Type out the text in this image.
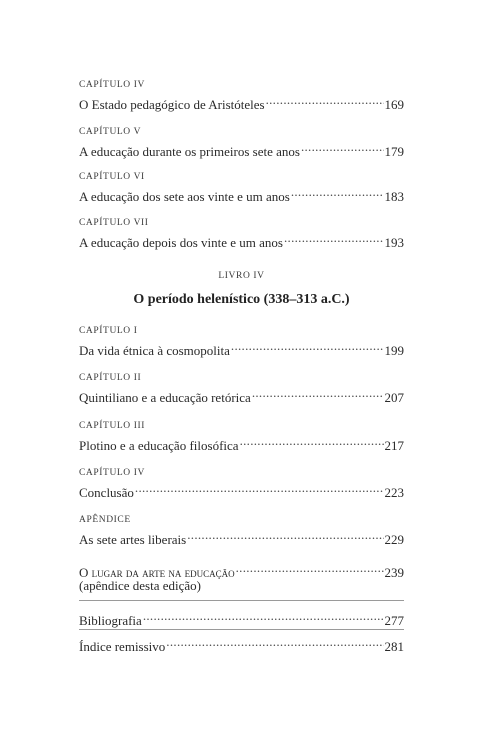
CAPÍTULO IV
O Estado pedagógico de Aristóteles .....	169
CAPÍTULO V
A educação durante os primeiros sete anos .....	179
CAPÍTULO VI
A educação dos sete aos vinte e um anos .....	183
CAPÍTULO VII
A educação depois dos vinte e um anos .....	193
LIVRO IV
O período helenístico (338–313 a.C.)
CAPÍTULO I
Da vida étnica à cosmopolita .....	199
CAPÍTULO II
Quintiliano e a educação retórica .....	207
CAPÍTULO III
Plotino e a educação filosófica .....	217
CAPÍTULO IV
Conclusão .....	223
APÊNDICE
As sete artes liberais .....	229
O lugar da arte na educação .....	239
(apêndice desta edição)
Bibliografia .....	277
Índice remissivo .....	281
